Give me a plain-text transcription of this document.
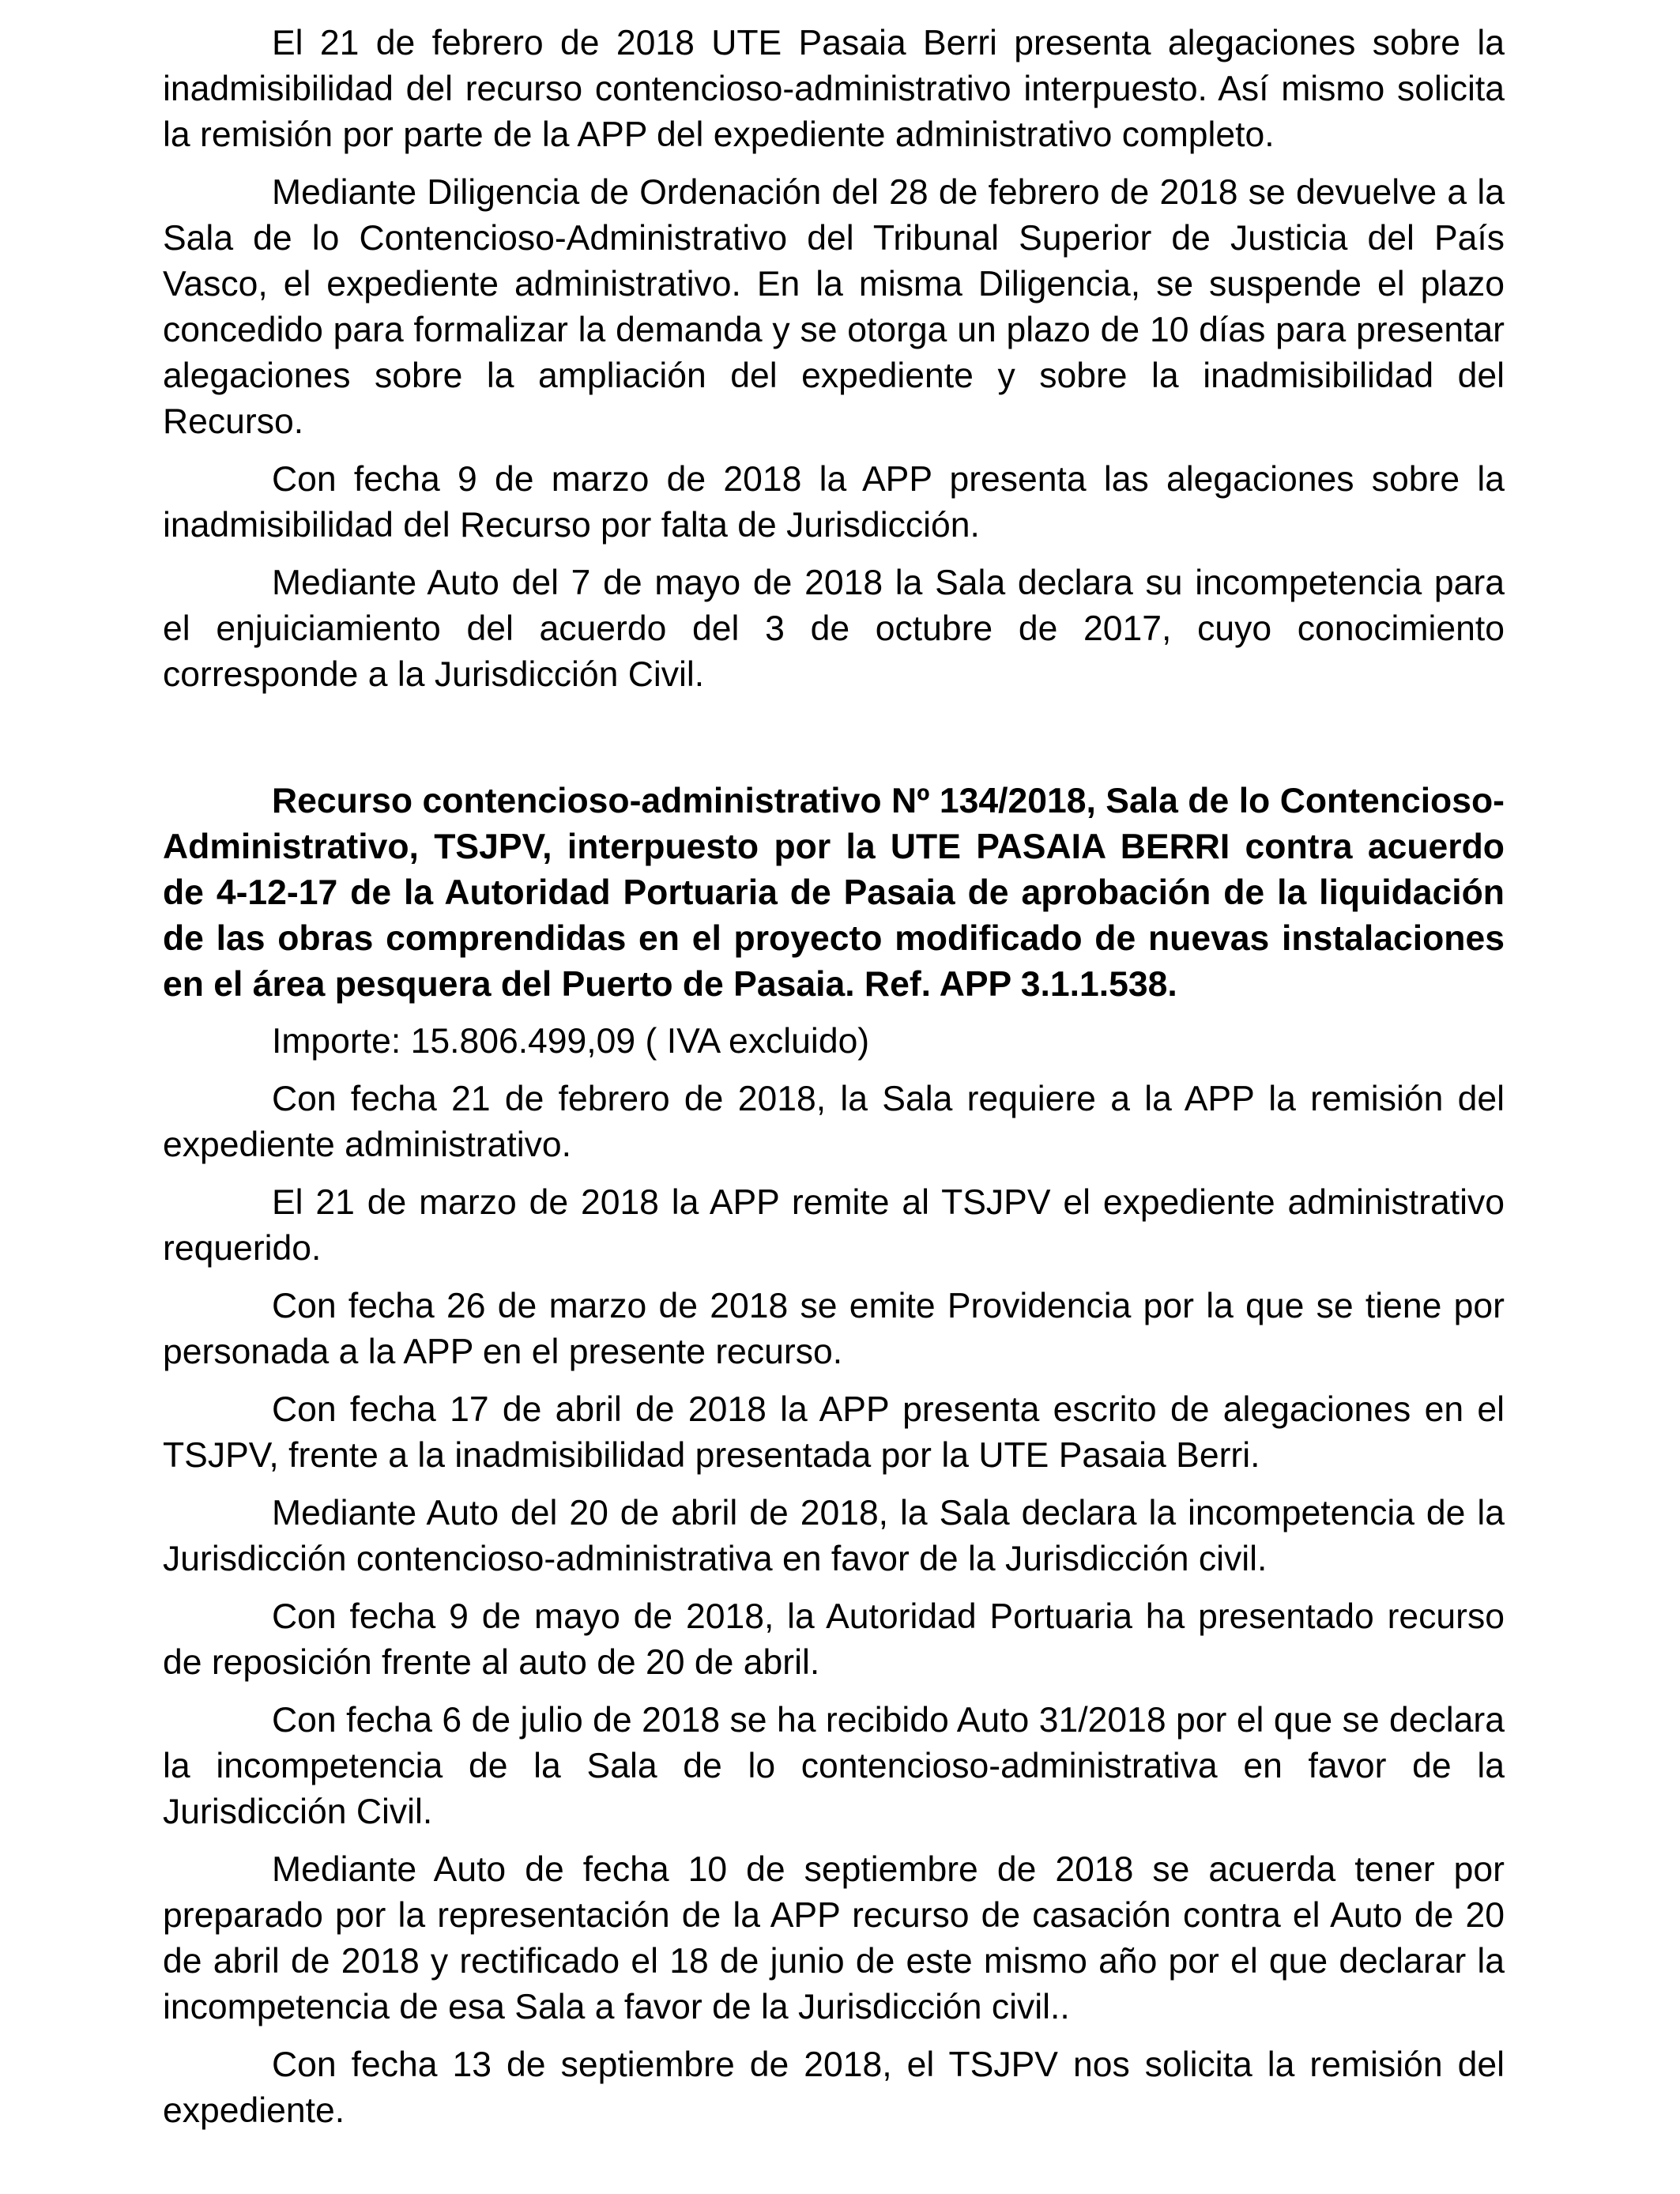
El 21 de febrero de 2018 UTE Pasaia Berri presenta alegaciones sobre la inadmisibilidad del recurso contencioso-administrativo interpuesto. Así mismo solicita la remisión por parte de la APP del expediente administrativo completo.

Mediante Diligencia de Ordenación del 28 de febrero de 2018 se devuelve a la Sala de lo Contencioso-Administrativo del Tribunal Superior de Justicia del País Vasco, el expediente administrativo. En la misma Diligencia, se suspende el plazo concedido para formalizar la demanda y se otorga un plazo de 10 días para presentar alegaciones sobre la ampliación del expediente y sobre la inadmisibilidad del Recurso.

Con fecha 9 de marzo de 2018 la APP presenta las alegaciones sobre la inadmisibilidad del Recurso por falta de Jurisdicción.

Mediante Auto del 7 de mayo de 2018 la Sala declara su incompetencia para el enjuiciamiento del acuerdo del 3 de octubre de 2017, cuyo conocimiento corresponde a la Jurisdicción Civil.

Recurso contencioso-administrativo Nº 134/2018, Sala de lo Contencioso-Administrativo, TSJPV, interpuesto por la UTE PASAIA BERRI contra acuerdo de 4-12-17 de la Autoridad Portuaria de Pasaia de aprobación de la liquidación de las obras comprendidas en el proyecto modificado de nuevas instalaciones en el área pesquera del Puerto de Pasaia. Ref. APP 3.1.1.538.

Importe: 15.806.499,09 ( IVA excluido)

Con fecha 21 de febrero de 2018, la Sala requiere a la APP la remisión del expediente administrativo.

El 21 de marzo de 2018 la APP remite al TSJPV el expediente administrativo requerido.

Con fecha 26 de marzo de 2018 se emite Providencia por la que se tiene por personada a la APP en el presente recurso.

Con fecha 17 de abril de 2018 la APP presenta escrito de alegaciones en el TSJPV, frente a la inadmisibilidad presentada por la UTE Pasaia Berri.

Mediante Auto del 20 de abril de 2018, la Sala declara la incompetencia de la Jurisdicción contencioso-administrativa en favor de la Jurisdicción civil.

Con fecha 9 de mayo de 2018, la Autoridad Portuaria ha presentado recurso de reposición frente al auto de 20 de abril.

Con fecha 6 de julio de 2018 se ha recibido Auto 31/2018 por el que se declara la incompetencia de la Sala de lo contencioso-administrativa en favor de la Jurisdicción Civil.

Mediante Auto de fecha 10 de septiembre de 2018 se acuerda tener por preparado por la representación de la APP recurso de casación contra el Auto de 20 de abril de 2018 y rectificado el 18 de junio de este mismo año por el que declarar la incompetencia de esa Sala a favor de la Jurisdicción civil..

Con fecha 13 de septiembre de 2018, el TSJPV nos solicita la remisión del expediente.
